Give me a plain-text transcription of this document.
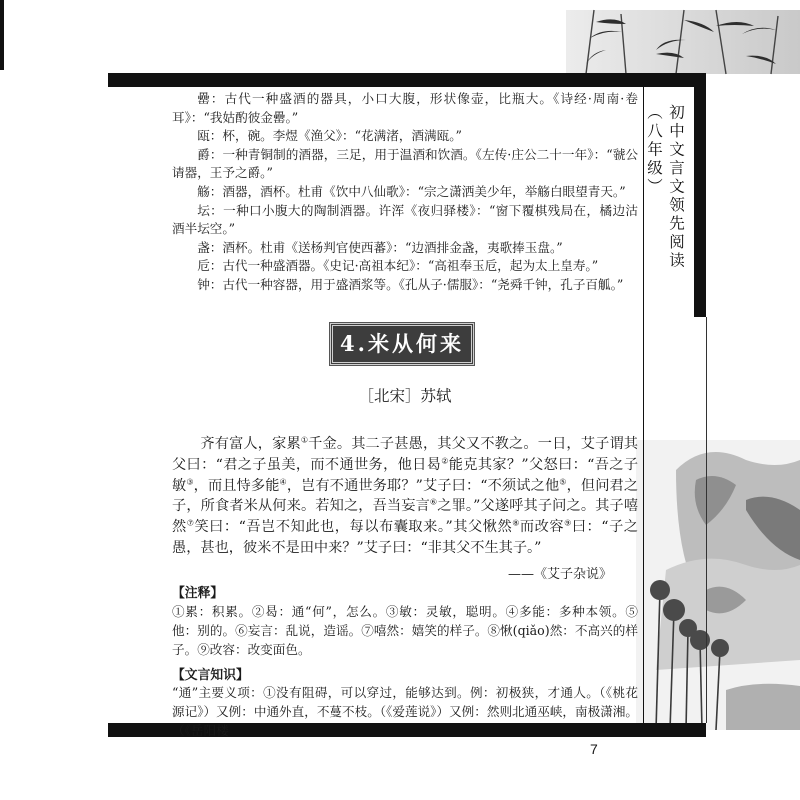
初中文言文领先阅读（八年级）

罍：古代一种盛酒的器具，小口大腹，形状像壶，比瓶大。《诗经·周南·卷耳》：“我姑酌彼金罍。”

瓯：杯，碗。李煜《渔父》：“花满渚，酒满瓯。”

爵：一种青铜制的酒器，三足，用于温酒和饮酒。《左传·庄公二十一年》：“虢公请器，王予之爵。”

觞：酒器，酒杯。杜甫《饮中八仙歌》：“宗之潇洒美少年，举觞白眼望青天。”

坛：一种口小腹大的陶制酒器。许浑《夜归驿楼》：“窗下覆棋残局在，橘边沽酒半坛空。”

盏：酒杯。杜甫《送杨判官使西蕃》：“边酒排金盏，夷歌捧玉盘。”

卮：古代一种盛酒器。《史记·高祖本纪》：“高祖奉玉卮，起为太上皇寿。”

钟：古代一种容器，用于盛酒浆等。《孔从子·儒服》：“尧舜千钟，孔子百觚。”

4.米从何来
［北宋］苏轼

齐有富人，家累①千金。其二子甚愚，其父又不教之。一日，艾子谓其父曰：“君之子虽美，而不通世务，他日曷②能克其家？”父怒曰：“吾之子敏③，而且恃多能④，岂有不通世务耶？”艾子曰：“不须试之他⑤，但问君之子，所食者米从何来。若知之，吾当妄言⑥之罪。”父遂呼其子问之。其子嘻然⑦笑曰：“吾岂不知此也，每以布囊取来。”其父愀然⑧而改容⑨曰：“子之愚，甚也，彼米不是田中来？”艾子曰：“非其父不生其子。”

——《艾子杂说》
【注释】

①累：积累。②曷：通“何”，怎么。③敏：灵敏，聪明。④多能：多种本领。⑤他：别的。⑥妄言：乱说，造谣。⑦嘻然：嬉笑的样子。⑧愀(qiǎo)然：不高兴的样子。⑨改容：改变面色。

【文言知识】

“通”主要义项：①没有阻碍，可以穿过，能够达到。例：初极狭，才通人。（《桃花源记》）又例：中通外直，不蔓不枝。（《爱莲说》）又例：然则北通巫峡，南极潇湘。（《岳阳楼

7
